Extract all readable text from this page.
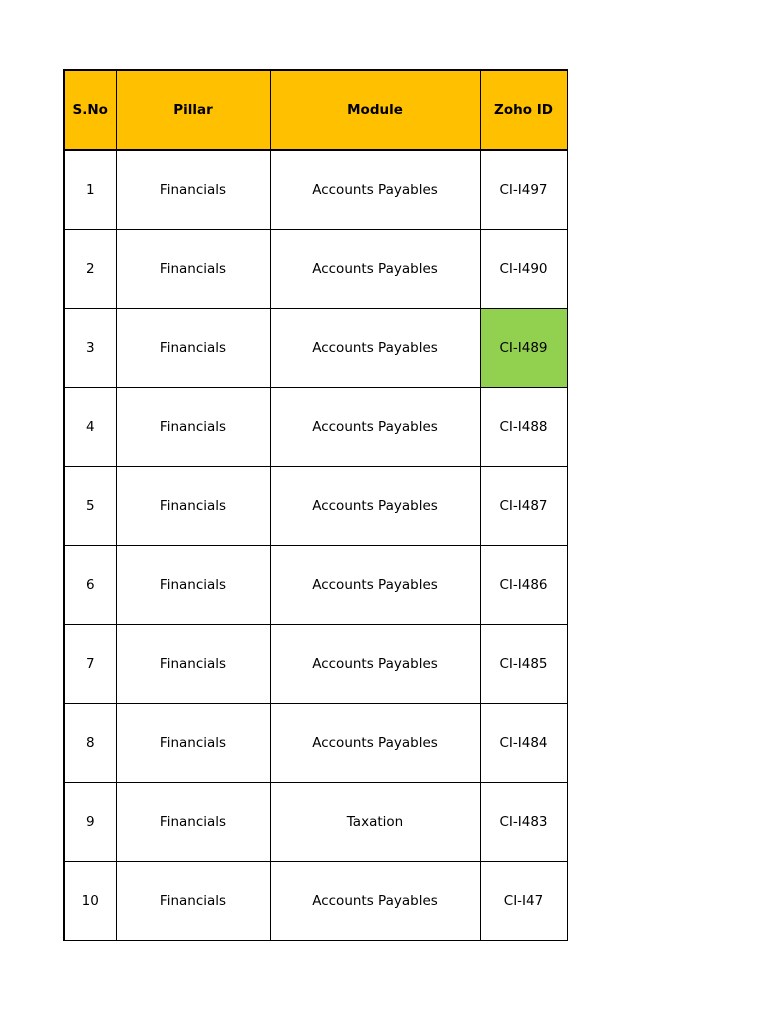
S.No	Pillar	Module	Zoho ID
1	Financials	Accounts Payables	CI-I497
2	Financials	Accounts Payables	CI-I490
3	Financials	Accounts Payables	CI-I489
4	Financials	Accounts Payables	CI-I488
5	Financials	Accounts Payables	CI-I487
6	Financials	Accounts Payables	CI-I486
7	Financials	Accounts Payables	CI-I485
8	Financials	Accounts Payables	CI-I484
9	Financials	Taxation	CI-I483
10	Financials	Accounts Payables	CI-I47
